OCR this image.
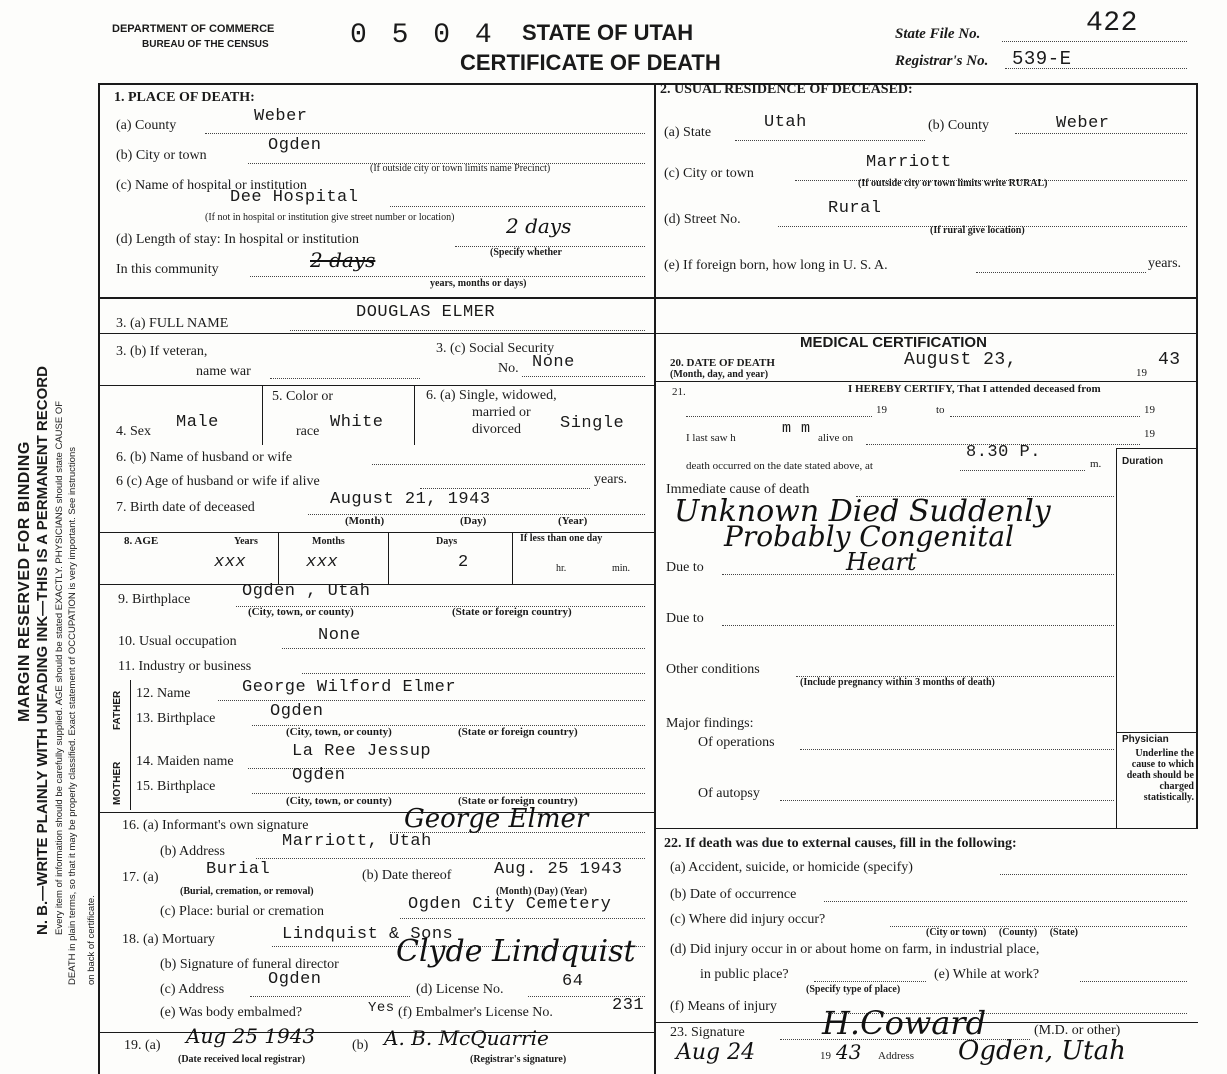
MARGIN RESERVED FOR BINDING N. B.—WRITE PLAINLY WITH UNFADING INK—THIS IS A PERMANENT RECORD Every item of information should be carefully supplied. AGE should be stated EXACTLY. PHYSICIANS should state CAUSE OF DEATH in plain terms, so that it may be properly classified. Exact statement of OCCUPATION is very important. See instructions on back of certificate.
DEPARTMENT OF COMMERCE
BUREAU OF THE CENSUS	0 5 0 4 STATE OF UTAH
CERTIFICATE OF DEATH
State File No.	422
Registrar's No. 539-E
1. PLACE OF DEATH:
(a) County	Weber
(b) City or town
Ogden
(If outside city or town limits name Precinct)
(c) Name of hospital or institution
Dee Hospital
(If not in hospital or institution give street number or location)
(d) Length of stay: In hospital or institution
2 days
(Specify whether
In this community	2 days
years, months or days)
2. USUAL RESIDENCE OF DECEASED:
(a) State
Utah	(b) County	Weber
(c) City or town
Marriott
(If outside city or town limits write RURAL)
(d) Street No.
Rural
(If rural give location)
(e) If foreign born, how long in U. S. A.	years.
3. (a) FULL NAME
DOUGLAS ELMER
3. (b) If veteran,
name war
3. (c) Social Security
No. None
4. Sex Male
5. Color or
race White
6. (a) Single, widowed,
married or
divorced Single
6. (b) Name of husband or wife
6 (c) Age of husband or wife if alive	years.
7. Birth date of deceased	August 21, 1943
(Month)	(Day)	(Year)
8. AGE	Years
xxx
Months
xxx
Days
2
If less than one day
hr.	min.
9. Birthplace	Ogden , Utah
(City, town, or county)	(State or foreign country)
10. Usual occupation	None
11. Industry or business
FATHER
MOTHER
12. Name	George Wilford Elmer
13. Birthplace	Ogden
(City, town, or county)	(State or foreign country)
14. Maiden name
La Ree Jessup
15. Birthplace
Ogden
(City, town, or county)	(State or foreign country)
16. (a) Informant's own signature	George Elmer
(b) Address
Marriott, Utah
17. (a)	Burial
(Burial, cremation, or removal)
(b) Date thereof	Aug. 25 1943
(Month) (Day) (Year)
(c) Place: burial or cremation	Ogden City Cemetery
18. (a) Mortuary	Lindquist & Sons
(b) Signature of funeral director Clyde Lindquist
(c) Address
Ogden
(d) License No.	64
(e) Was body embalmed?	Yes (f) Embalmer's License No.	231
19. (a) Aug 25 1943
(Date received local registrar)
(b) A. B. McQuarrie
(Registrar's signature)
MEDICAL CERTIFICATION
20. DATE OF DEATH
(Month, day, and year)
August 23,
19
43
21.	I HEREBY CERTIFY, That I attended deceased from
19	to	19
I last saw h
m m
alive on	19
death occurred on the date stated above, at
8.30 P.
m. Duration
Immediate cause of death
Unknown Died Suddenly
Probably Congenital
Due to	Heart
Due to
Other conditions
(Include pregnancy within 3 months of death)
Major findings:
Of operations
Of autopsy
Physician
Underline the cause to which death should be charged statistically.
22. If death was due to external causes, fill in the following:
(a) Accident, suicide, or homicide (specify)
(b) Date of occurrence
(c) Where did injury occur?
(City or town)     (County)     (State)
(d) Did injury occur in or about home on farm, in industrial place,
in public place?
(Specify type of place)
(e) While at work?
(f) Means of injury
23. Signature H.Coward	(M.D. or other)
Aug 24	19 43 Address Ogden, Utah
